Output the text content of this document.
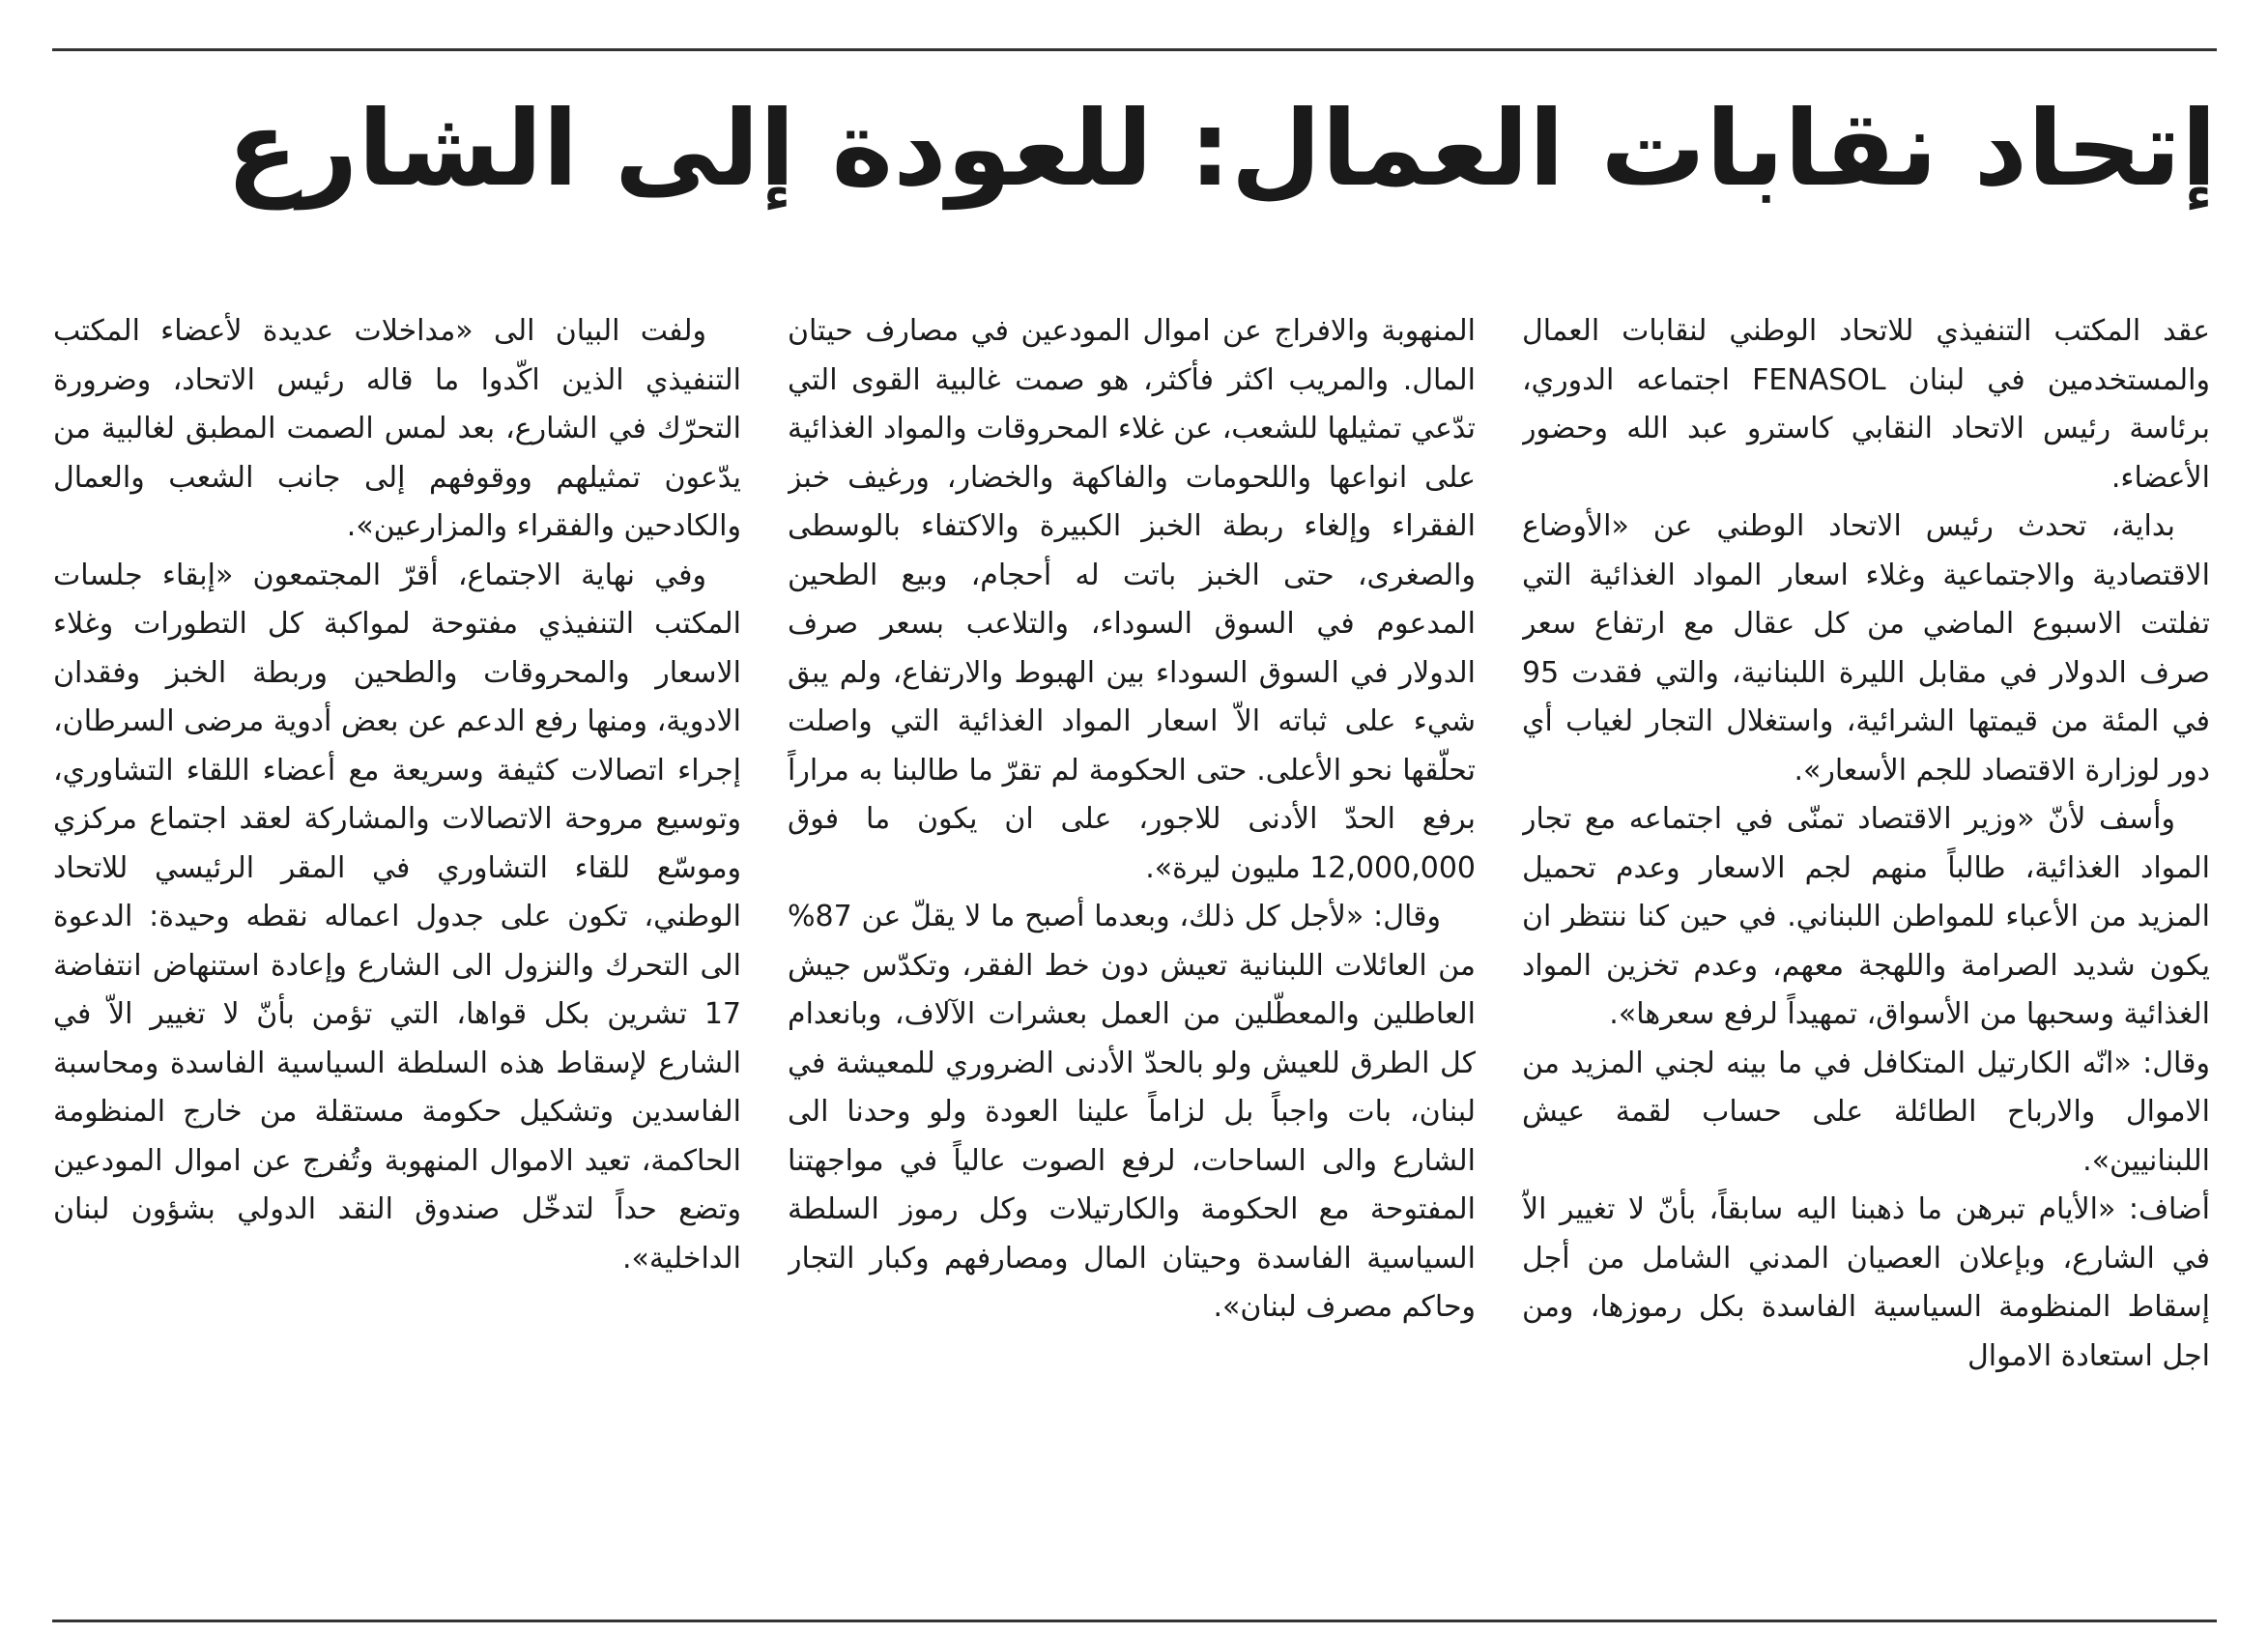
إتحاد نقابات العمال: للعودة إلى الشارع

عقد المكتب التنفيذي للاتحاد الوطني لنقابات العمال والمستخدمين في لبنان FENASOL اجتماعه الدوري، برئاسة رئيس الاتحاد النقابي كاسترو عبد الله وحضور الأعضاء.

بداية، تحدث رئيس الاتحاد الوطني عن «الأوضاع الاقتصادية والاجتماعية وغلاء اسعار المواد الغذائية التي تفلتت الاسبوع الماضي من كل عقال مع ارتفاع سعر صرف الدولار في مقابل الليرة اللبنانية، والتي فقدت 95 في المئة من قيمتها الشرائية، واستغلال التجار لغياب أي دور لوزارة الاقتصاد للجم الأسعار».

وأسف لأنّ «وزير الاقتصاد تمنّى في اجتماعه مع تجار المواد الغذائية، طالباً منهم لجم الاسعار وعدم تحميل المزيد من الأعباء للمواطن اللبناني. في حين كنا ننتظر ان يكون شديد الصرامة واللهجة معهم، وعدم تخزين المواد الغذائية وسحبها من الأسواق، تمهيداً لرفع سعرها».

وقال: «انّه الكارتيل المتكافل في ما بينه لجني المزيد من الاموال والارباح الطائلة على حساب لقمة عيش اللبنانيين».

أضاف: «الأيام تبرهن ما ذهبنا اليه سابقاً، بأنّ لا تغيير الاّ في الشارع، وبإعلان العصيان المدني الشامل من أجل إسقاط المنظومة السياسية الفاسدة بكل رموزها، ومن اجل استعادة الاموال

المنهوبة والافراج عن اموال المودعين في مصارف حيتان المال. والمريب اكثر فأكثر، هو صمت غالبية القوى التي تدّعي تمثيلها للشعب، عن غلاء المحروقات والمواد الغذائية على انواعها واللحومات والفاكهة والخضار، ورغيف خبز الفقراء وإلغاء ربطة الخبز الكبيرة والاكتفاء بالوسطى والصغرى، حتى الخبز باتت له أحجام، وبيع الطحين المدعوم في السوق السوداء، والتلاعب بسعر صرف الدولار في السوق السوداء بين الهبوط والارتفاع، ولم يبق شيء على ثباته الاّ اسعار المواد الغذائية التي واصلت تحلّقها نحو الأعلى. حتى الحكومة لم تقرّ ما طالبنا به مراراً برفع الحدّ الأدنى للاجور، على ان يكون ما فوق 12,000,000 مليون ليرة».

وقال: «لأجل كل ذلك، وبعدما أصبح ما لا يقلّ عن 87% من العائلات اللبنانية تعيش دون خط الفقر، وتكدّس جيش العاطلين والمعطّلين من العمل بعشرات الآلاف، وبانعدام كل الطرق للعيش ولو بالحدّ الأدنى الضروري للمعيشة في لبنان، بات واجباً بل لزاماً علينا العودة ولو وحدنا الى الشارع والى الساحات، لرفع الصوت عالياً في مواجهتنا المفتوحة مع الحكومة والكارتيلات وكل رموز السلطة السياسية الفاسدة وحيتان المال ومصارفهم وكبار التجار وحاكم مصرف لبنان».

ولفت البيان الى «مداخلات عديدة لأعضاء المكتب التنفيذي الذين اكّدوا ما قاله رئيس الاتحاد، وضرورة التحرّك في الشارع، بعد لمس الصمت المطبق لغالبية من يدّعون تمثيلهم ووقوفهم إلى جانب الشعب والعمال والكادحين والفقراء والمزارعين».

وفي نهاية الاجتماع، أقرّ المجتمعون «إبقاء جلسات المكتب التنفيذي مفتوحة لمواكبة كل التطورات وغلاء الاسعار والمحروقات والطحين وربطة الخبز وفقدان الادوية، ومنها رفع الدعم عن بعض أدوية مرضى السرطان، إجراء اتصالات كثيفة وسريعة مع أعضاء اللقاء التشاوري، وتوسيع مروحة الاتصالات والمشاركة لعقد اجتماع مركزي وموسّع للقاء التشاوري في المقر الرئيسي للاتحاد الوطني، تكون على جدول اعماله نقطه وحيدة: الدعوة الى التحرك والنزول الى الشارع وإعادة استنهاض انتفاضة 17 تشرين بكل قواها، التي تؤمن بأنّ لا تغيير الاّ في الشارع لإسقاط هذه السلطة السياسية الفاسدة ومحاسبة الفاسدين وتشكيل حكومة مستقلة من خارج المنظومة الحاكمة، تعيد الاموال المنهوبة وتُفرج عن اموال المودعين وتضع حداً لتدخّل صندوق النقد الدولي بشؤون لبنان الداخلية».
